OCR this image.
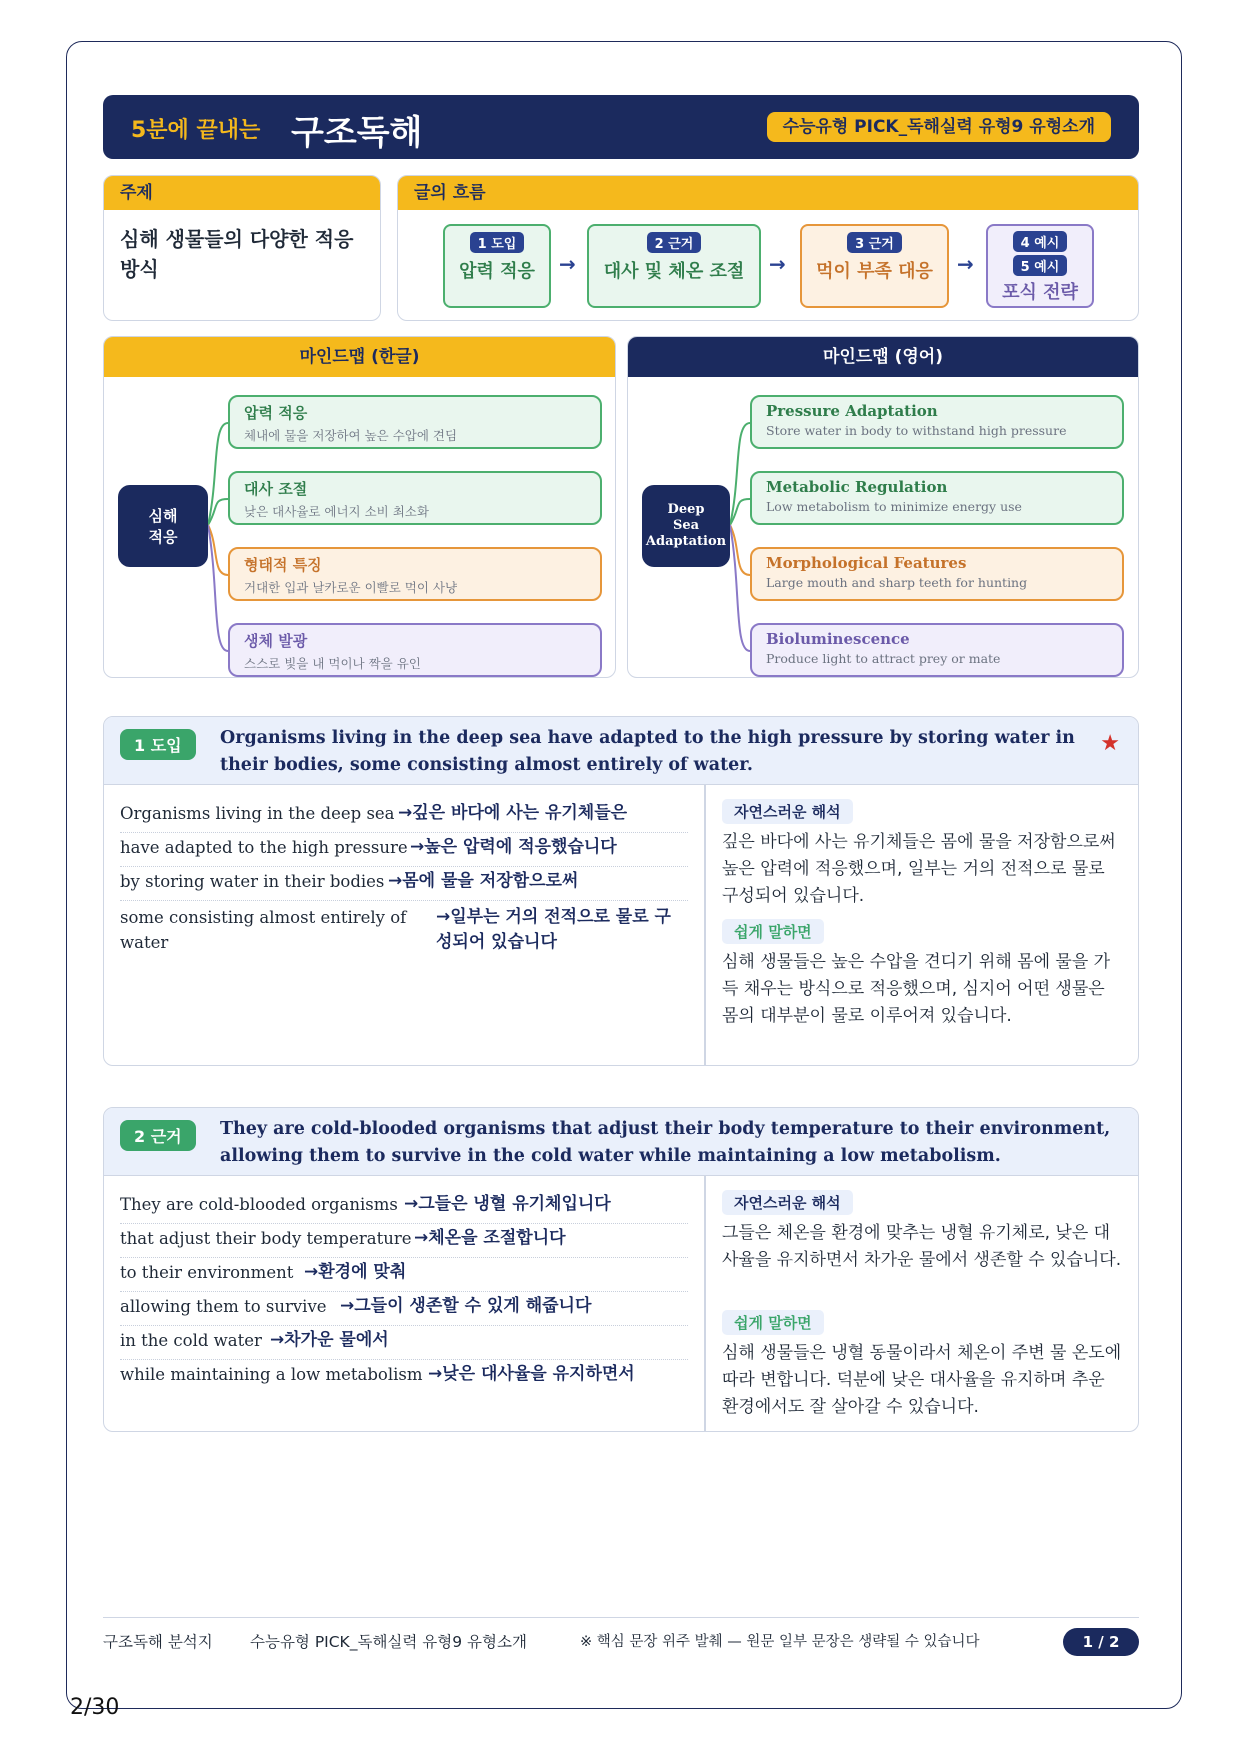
5분에 끝내는 구조독해	수능유형 PICK_독해실력 유형9 유형소개
주제
심해 생물들의 다양한 적응 방식
글의 흐름
1 도입
압력 적응	→
2 근거
대사 및 체온 조절	→
3 근거
먹이 부족 대응	→
4 예시
5 예시
포식 전략
마인드맵 (한글)
심해
적응
압력 적응
체내에 물을 저장하여 높은 수압에 견딤
대사 조절
낮은 대사율로 에너지 소비 최소화
형태적 특징
거대한 입과 날카로운 이빨로 먹이 사냥
생체 발광
스스로 빛을 내 먹이나 짝을 유인
마인드맵 (영어)
Deep
Sea
Adaptation
Pressure Adaptation
Store water in body to withstand high pressure
Metabolic Regulation
Low metabolism to minimize energy use
Morphological Features
Large mouth and sharp teeth for hunting
Bioluminescence
Produce light to attract prey or mate
1 도입	Organisms living in the deep sea have adapted to the high pressure by storing water in their bodies, some consisting almost entirely of water.
★
Organisms living in the deep sea →깊은 바다에 사는 유기체들은
have adapted to the high pressure →높은 압력에 적응했습니다
by storing water in their bodies →몸에 물을 저장함으로써
some consisting almost entirely of water
→일부는 거의 전적으로 물로 구성되어 있습니다
자연스러운 해석
깊은 바다에 사는 유기체들은 몸에 물을 저장함으로써 높은 압력에 적응했으며, 일부는 거의 전적으로 물로 구성되어 있습니다.
쉽게 말하면
심해 생물들은 높은 수압을 견디기 위해 몸에 물을 가득 채우는 방식으로 적응했으며, 심지어 어떤 생물은 몸의 대부분이 물로 이루어져 있습니다.
2 근거	They are cold-blooded organisms that adjust their body temperature to their environment, allowing them to survive in the cold water while maintaining a low metabolism.
They are cold-blooded organisms →그들은 냉혈 유기체입니다
that adjust their body temperature →체온을 조절합니다
to their environment →환경에 맞춰
allowing them to survive →그들이 생존할 수 있게 해줍니다
in the cold water →차가운 물에서
while maintaining a low metabolism →낮은 대사율을 유지하면서
자연스러운 해석
그들은 체온을 환경에 맞추는 냉혈 유기체로, 낮은 대사율을 유지하면서 차가운 물에서 생존할 수 있습니다.
쉽게 말하면
심해 생물들은 냉혈 동물이라서 체온이 주변 물 온도에 따라 변합니다. 덕분에 낮은 대사율을 유지하며 추운 환경에서도 잘 살아갈 수 있습니다.
구조독해 분석지 수능유형 PICK_독해실력 유형9 유형소개	※ 핵심 문장 위주 발췌 — 원문 일부 문장은 생략될 수 있습니다	1 / 2
2/30
